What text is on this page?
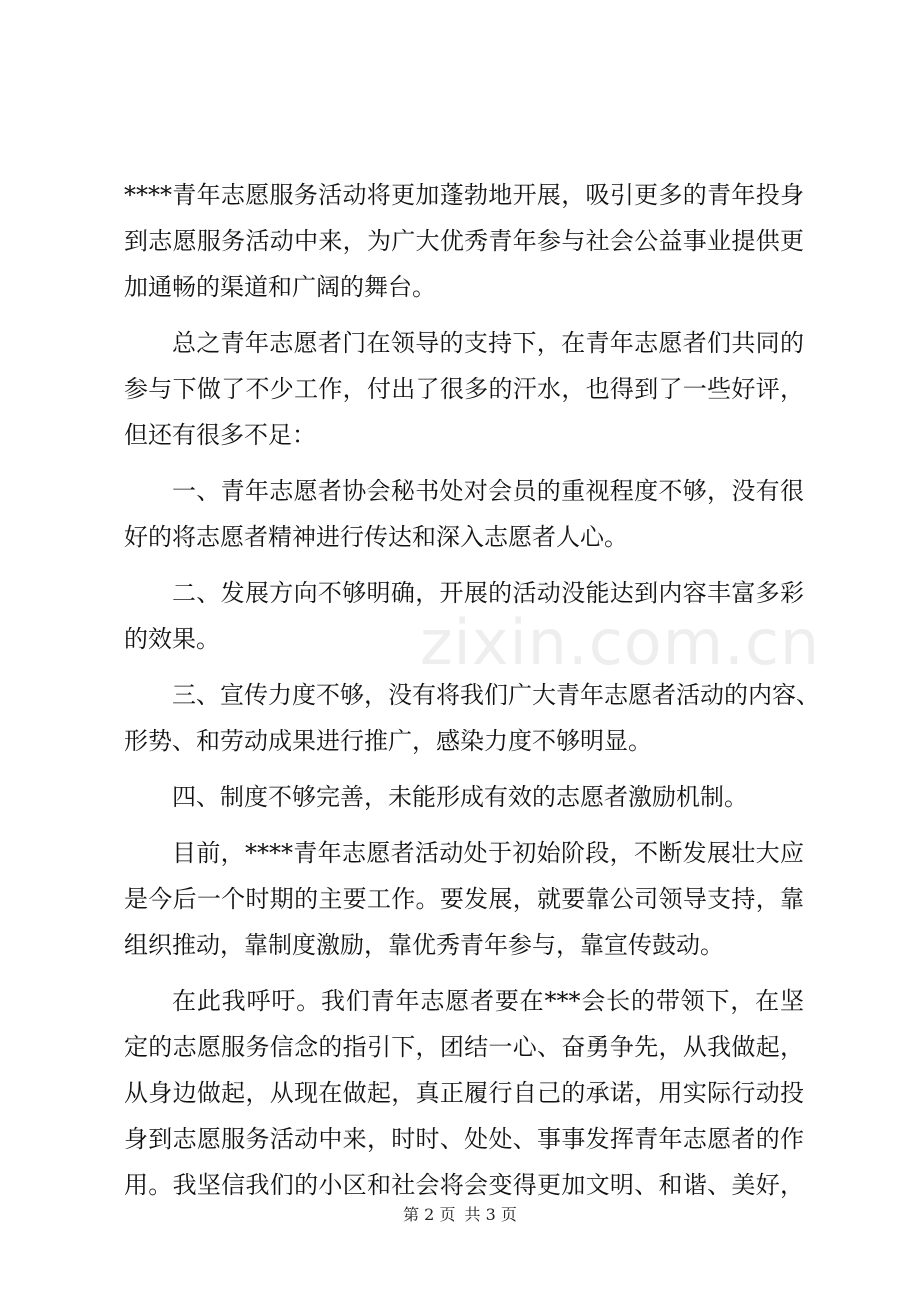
****青年志愿服务活动将更加蓬勃地开展，吸引更多的青年投身
到志愿服务活动中来，为广大优秀青年参与社会公益事业提供更
加通畅的渠道和广阔的舞台。
总之青年志愿者门在领导的支持下，在青年志愿者们共同的
参与下做了不少工作，付出了很多的汗水，也得到了一些好评，
但还有很多不足：
一、青年志愿者协会秘书处对会员的重视程度不够，没有很
好的将志愿者精神进行传达和深入志愿者人心。
二、发展方向不够明确，开展的活动没能达到内容丰富多彩
的效果。
三、宣传力度不够，没有将我们广大青年志愿者活动的内容、
形势、和劳动成果进行推广，感染力度不够明显。
四、制度不够完善，未能形成有效的志愿者激励机制。
目前，****青年志愿者活动处于初始阶段，不断发展壮大应
是今后一个时期的主要工作。要发展，就要靠公司领导支持，靠
组织推动，靠制度激励，靠优秀青年参与，靠宣传鼓动。
在此我呼吁。我们青年志愿者要在***会长的带领下，在坚
定的志愿服务信念的指引下，团结一心、奋勇争先，从我做起，
从身边做起，从现在做起，真正履行自己的承诺，用实际行动投
身到志愿服务活动中来，时时、处处、事事发挥青年志愿者的作
用。我坚信我们的小区和社会将会变得更加文明、和谐、美好，
zixin.com.cn
第 2 页 共 3 页
